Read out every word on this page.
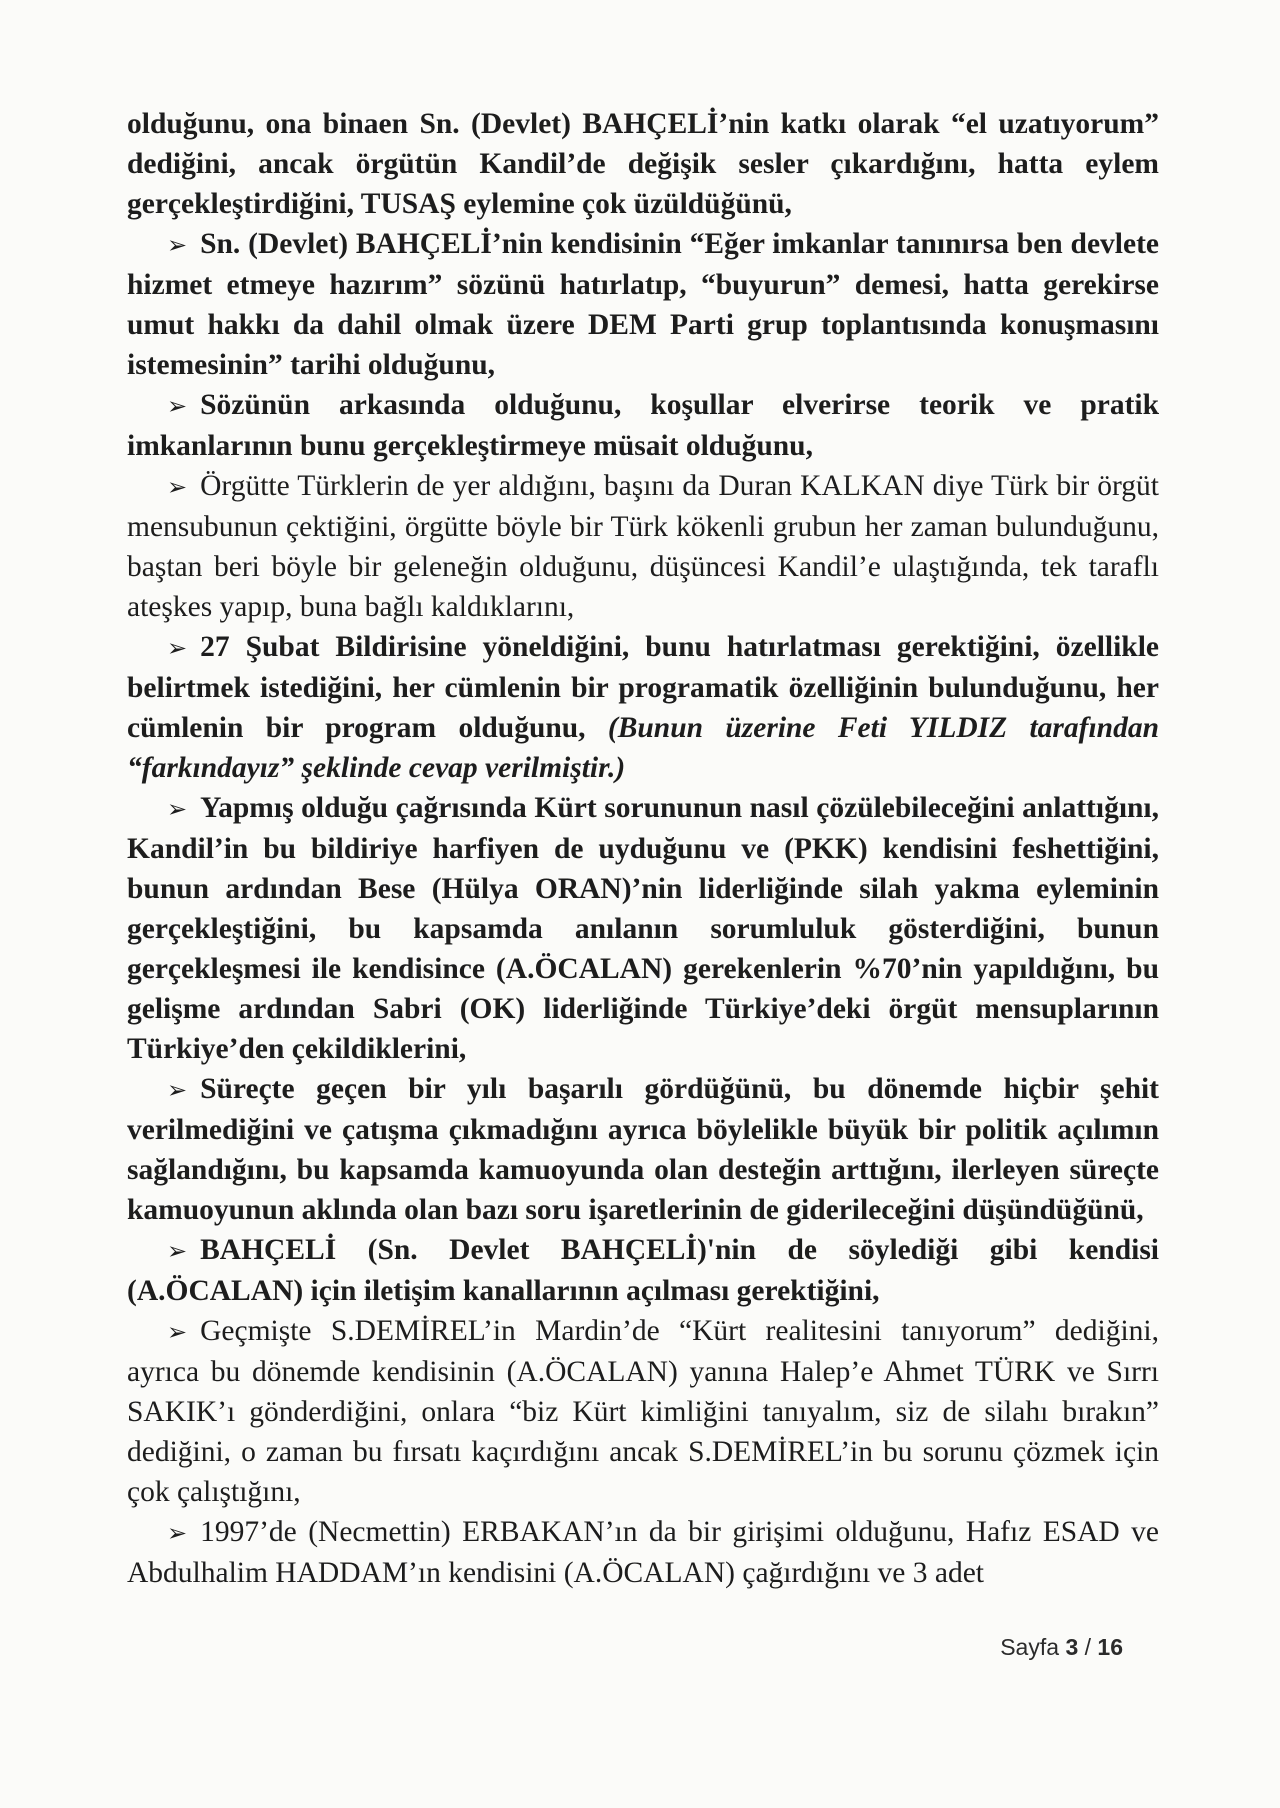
olduğunu, ona binaen Sn. (Devlet) BAHÇELİ’nin katkı olarak “el uzatıyorum” dediğini, ancak örgütün Kandil’de değişik sesler çıkardığını, hatta eylem gerçekleştirdiğini, TUSAŞ eylemine çok üzüldüğünü,

➢ Sn. (Devlet) BAHÇELİ’nin kendisinin “Eğer imkanlar tanınırsa ben devlete hizmet etmeye hazırım” sözünü hatırlatıp, “buyurun” demesi, hatta gerekirse umut hakkı da dahil olmak üzere DEM Parti grup toplantısında konuşmasını istemesinin” tarihi olduğunu,

➢ Sözünün arkasında olduğunu, koşullar elverirse teorik ve pratik imkanlarının bunu gerçekleştirmeye müsait olduğunu,

➢ Örgütte Türklerin de yer aldığını, başını da Duran KALKAN diye Türk bir örgüt mensubunun çektiğini, örgütte böyle bir Türk kökenli grubun her zaman bulunduğunu, baştan beri böyle bir geleneğin olduğunu, düşüncesi Kandil’e ulaştığında, tek taraflı ateşkes yapıp, buna bağlı kaldıklarını,

➢ 27 Şubat Bildirisine yöneldiğini, bunu hatırlatması gerektiğini, özellikle belirtmek istediğini, her cümlenin bir programatik özelliğinin bulunduğunu, her cümlenin bir program olduğunu, (Bunun üzerine Feti YILDIZ tarafından “farkındayız” şeklinde cevap verilmiştir.)

➢ Yapmış olduğu çağrısında Kürt sorununun nasıl çözülebileceğini anlattığını, Kandil’in bu bildiriye harfiyen de uyduğunu ve (PKK) kendisini feshettiğini, bunun ardından Bese (Hülya ORAN)’nin liderliğinde silah yakma eyleminin gerçekleştiğini, bu kapsamda anılanın sorumluluk gösterdiğini, bunun gerçekleşmesi ile kendisince (A.ÖCALAN) gerekenlerin %70’nin yapıldığını, bu gelişme ardından Sabri (OK) liderliğinde Türkiye’deki örgüt mensuplarının Türkiye’den çekildiklerini,

➢ Süreçte geçen bir yılı başarılı gördüğünü, bu dönemde hiçbir şehit verilmediğini ve çatışma çıkmadığını ayrıca böylelikle büyük bir politik açılımın sağlandığını, bu kapsamda kamuoyunda olan desteğin arttığını, ilerleyen süreçte kamuoyunun aklında olan bazı soru işaretlerinin de giderileceğini düşündüğünü,

➢ BAHÇELİ (Sn. Devlet BAHÇELİ)'nin de söylediği gibi kendisi (A.ÖCALAN) için iletişim kanallarının açılması gerektiğini,

➢ Geçmişte S.DEMİREL’in Mardin’de “Kürt realitesini tanıyorum” dediğini, ayrıca bu dönemde kendisinin (A.ÖCALAN) yanına Halep’e Ahmet TÜRK ve Sırrı SAKIK’ı gönderdiğini, onlara “biz Kürt kimliğini tanıyalım, siz de silahı bırakın” dediğini, o zaman bu fırsatı kaçırdığını ancak S.DEMİREL’in bu sorunu çözmek için çok çalıştığını,

➢ 1997’de (Necmettin) ERBAKAN’ın da bir girişimi olduğunu, Hafız ESAD ve Abdulhalim HADDAM’ın kendisini (A.ÖCALAN) çağırdığını ve 3 adet

Sayfa 3 / 16
